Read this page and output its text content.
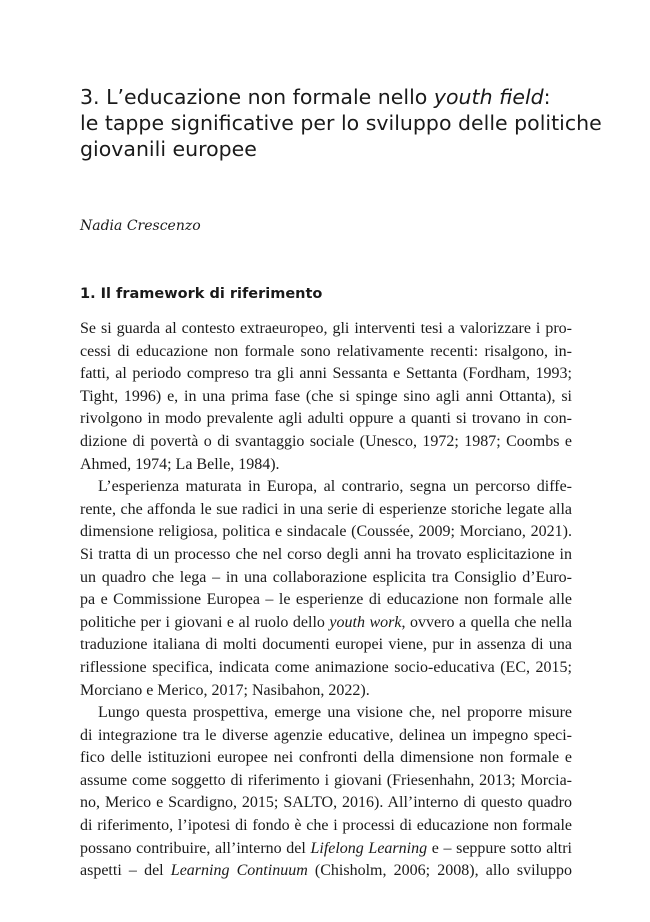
3. L’educazione non formale nello youth field:
le tappe significative per lo sviluppo delle politiche
giovanili europee

Nadia Crescenzo

1. Il framework di riferimento
Se si guarda al contesto extraeuropeo, gli interventi tesi a valorizzare i pro-
cessi di educazione non formale sono relativamente recenti: risalgono, in-
fatti, al periodo compreso tra gli anni Sessanta e Settanta (Fordham, 1993;
Tight, 1996) e, in una prima fase (che si spinge sino agli anni Ottanta), si
rivolgono in modo prevalente agli adulti oppure a quanti si trovano in con-
dizione di povertà o di svantaggio sociale (Unesco, 1972; 1987; Coombs e
Ahmed, 1974; La Belle, 1984).
L’esperienza maturata in Europa, al contrario, segna un percorso diffe-
rente, che affonda le sue radici in una serie di esperienze storiche legate alla
dimensione religiosa, politica e sindacale (Coussée, 2009; Morciano, 2021).
Si tratta di un processo che nel corso degli anni ha trovato esplicitazione in
un quadro che lega – in una collaborazione esplicita tra Consiglio d’Euro-
pa e Commissione Europea – le esperienze di educazione non formale alle
politiche per i giovani e al ruolo dello youth work, ovvero a quella che nella
traduzione italiana di molti documenti europei viene, pur in assenza di una
riflessione specifica, indicata come animazione socio-educativa (EC, 2015;
Morciano e Merico, 2017; Nasibahon, 2022).
Lungo questa prospettiva, emerge una visione che, nel proporre misure
di integrazione tra le diverse agenzie educative, delinea un impegno speci-
fico delle istituzioni europee nei confronti della dimensione non formale e
assume come soggetto di riferimento i giovani (Friesenhahn, 2013; Morcia-
no, Merico e Scardigno, 2015; SALTO, 2016). All’interno di questo quadro
di riferimento, l’ipotesi di fondo è che i processi di educazione non formale
possano contribuire, all’interno del Lifelong Learning e – seppure sotto altri
aspetti – del Learning Continuum (Chisholm, 2006; 2008), allo sviluppo
